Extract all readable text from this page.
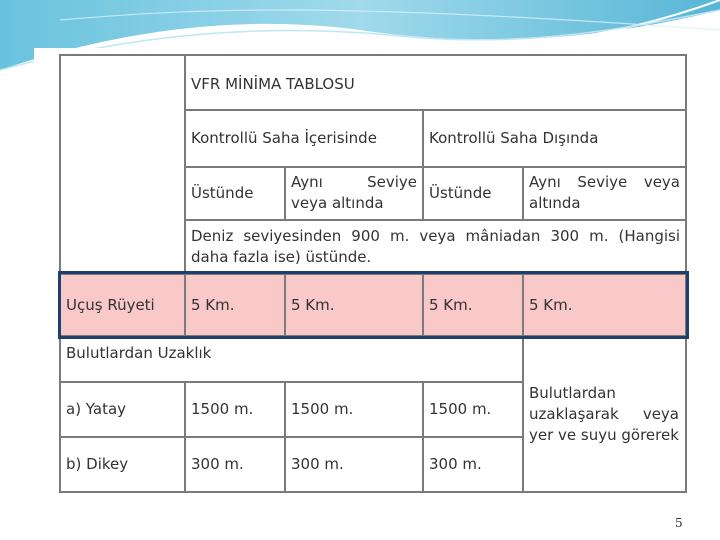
	VFR MİNİMA TABLOSU			
	Kontrollü Saha İçerisinde		Kontrollü Saha Dışında	
	Üstünde	Aynı Seviye veya altında	Üstünde	Aynı Seviye veya altında
	Deniz seviyesinden 900 m. veya mâniadan 300 m. (Hangisi daha fazla ise) üstünde.			
Uçuş Rüyeti	5 Km.	5 Km.	5 Km.	5 Km.
Bulutlardan Uzaklık				Bulutlardan uzaklaşarak veya yer ve suyu görerek
a) Yatay	1500 m.	1500 m.	1500 m.	
b) Dikey	300 m.	300 m.	300 m.	
5
